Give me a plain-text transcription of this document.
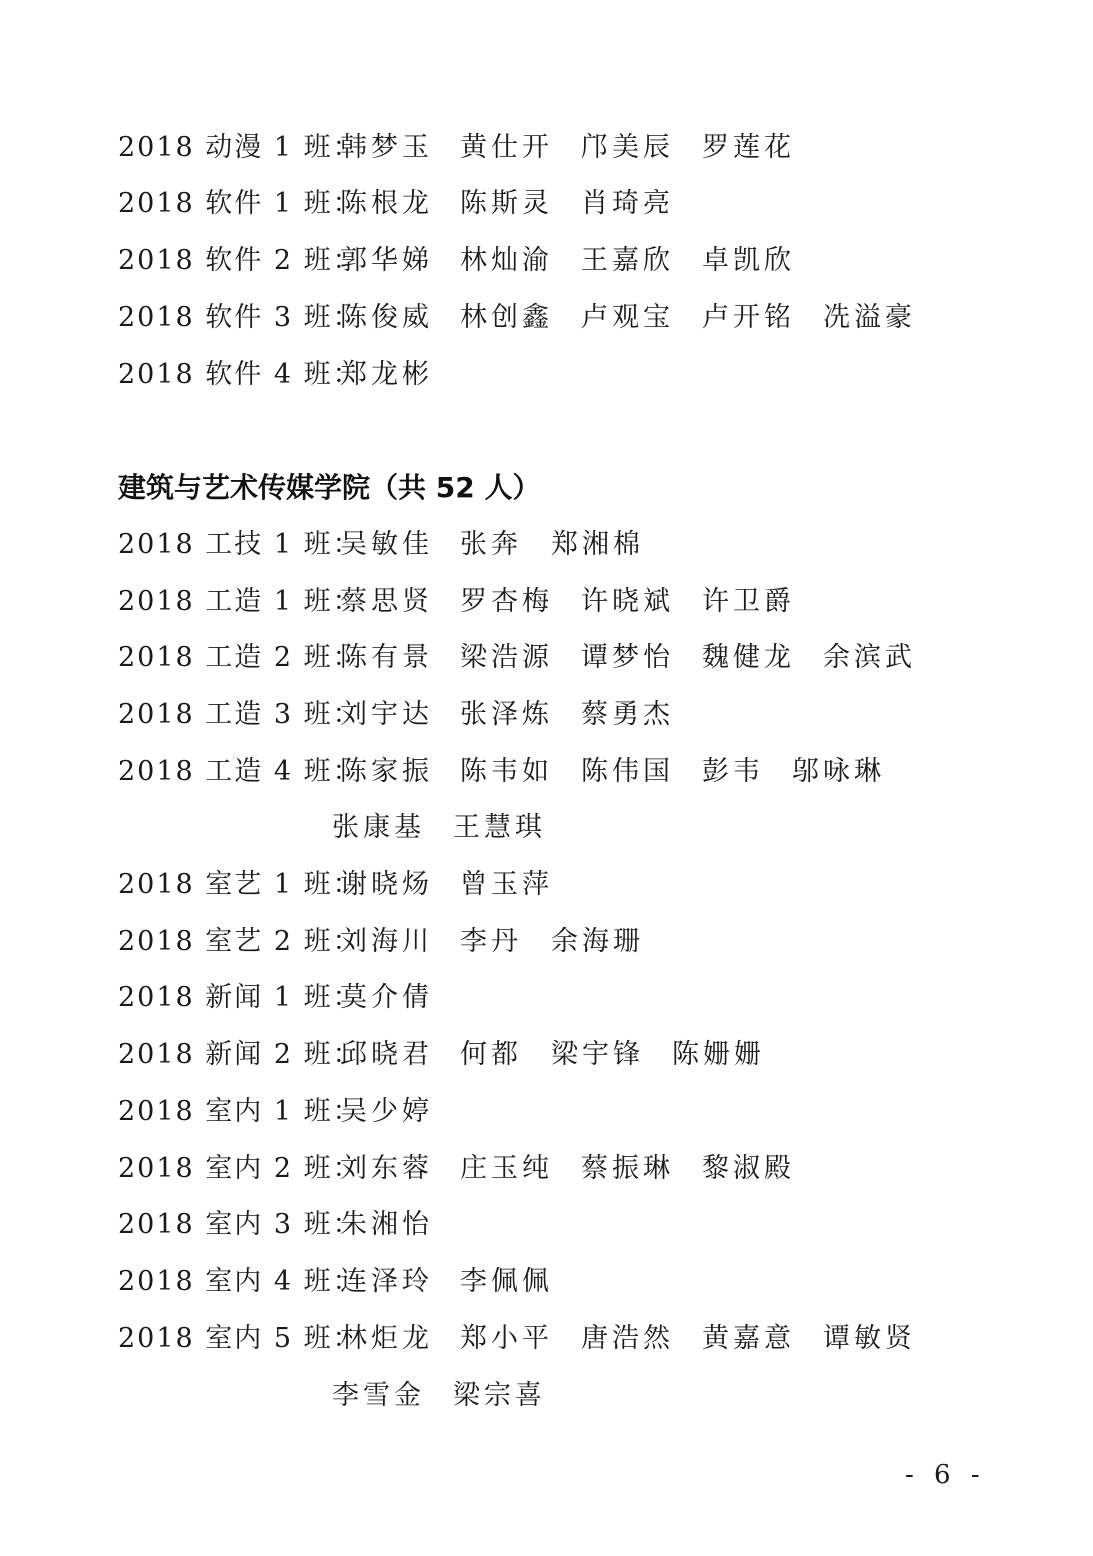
2018 动漫 1 班：
韩梦玉 黄仕开 邝美辰 罗莲花
2018 软件 1 班：
陈根龙 陈斯灵 肖琦亮
2018 软件 2 班：
郭华娣 林灿渝 王嘉欣 卓凯欣
2018 软件 3 班：
陈俊威 林创鑫 卢观宝 卢开铭 冼溢豪
2018 软件 4 班：
郑龙彬
建筑与艺术传媒学院（共 52 人）
2018 工技 1 班：
吴敏佳 张奔 郑湘棉
2018 工造 1 班：
蔡思贤 罗杏梅 许晓斌 许卫爵
2018 工造 2 班：
陈有景 梁浩源 谭梦怡 魏健龙 余滨武
2018 工造 3 班：
刘宇达 张泽炼 蔡勇杰
2018 工造 4 班：
陈家振 陈韦如 陈伟国 彭韦 邬咏琳
张康基 王慧琪
2018 室艺 1 班：
谢晓炀 曾玉萍
2018 室艺 2 班：
刘海川 李丹 余海珊
2018 新闻 1 班：
莫介倩
2018 新闻 2 班：
邱晓君 何都 梁宇锋 陈姗姗
2018 室内 1 班：
吴少婷
2018 室内 2 班：
刘东蓉 庄玉纯 蔡振琳 黎淑殿
2018 室内 3 班：
朱湘怡
2018 室内 4 班：
连泽玲 李佩佩
2018 室内 5 班：
林炬龙 郑小平 唐浩然 黄嘉意 谭敏贤
李雪金 梁宗喜
- 6 -
